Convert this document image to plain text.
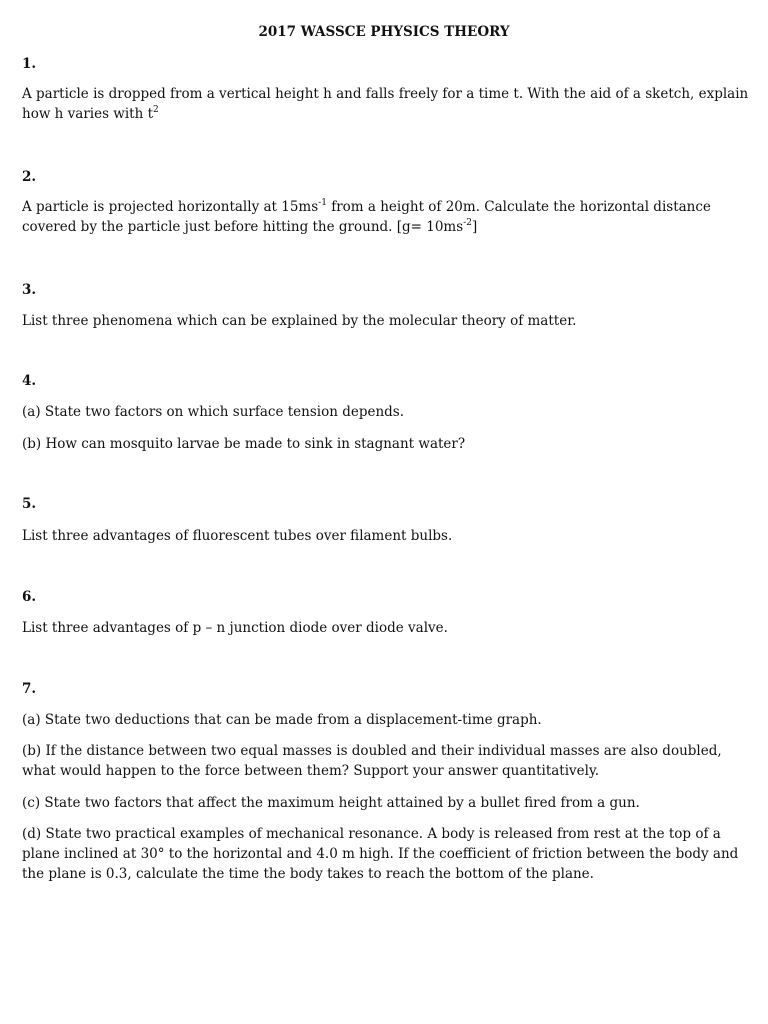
2017 WASSCE PHYSICS THEORY
1.

A particle is dropped from a vertical height h and falls freely for a time t. With the aid of a sketch, explain how h varies with $t^2$

2.

A particle is projected horizontally at $15ms^{-1}$ from a height of 20m. Calculate the horizontal distance covered by the particle just before hitting the ground. $[g= 10ms^{-2}]$

3.

List three phenomena which can be explained by the molecular theory of matter.

4.

(a) State two factors on which surface tension depends.

(b) How can mosquito larvae be made to sink in stagnant water?

5.

List three advantages of fluorescent tubes over filament bulbs.

6.

List three advantages of p – n junction diode over diode valve.

7.

(a) State two deductions that can be made from a displacement-time graph.

(b) If the distance between two equal masses is doubled and their individual masses are also doubled, what would happen to the force between them? Support your answer quantitatively.

(c) State two factors that affect the maximum height attained by a bullet fired from a gun.

(d) State two practical examples of mechanical resonance. A body is released from rest at the top of a plane inclined at 30° to the horizontal and 4.0 m high. If the coefficient of friction between the body and the plane is 0.3, calculate the time the body takes to reach the bottom of the plane.
